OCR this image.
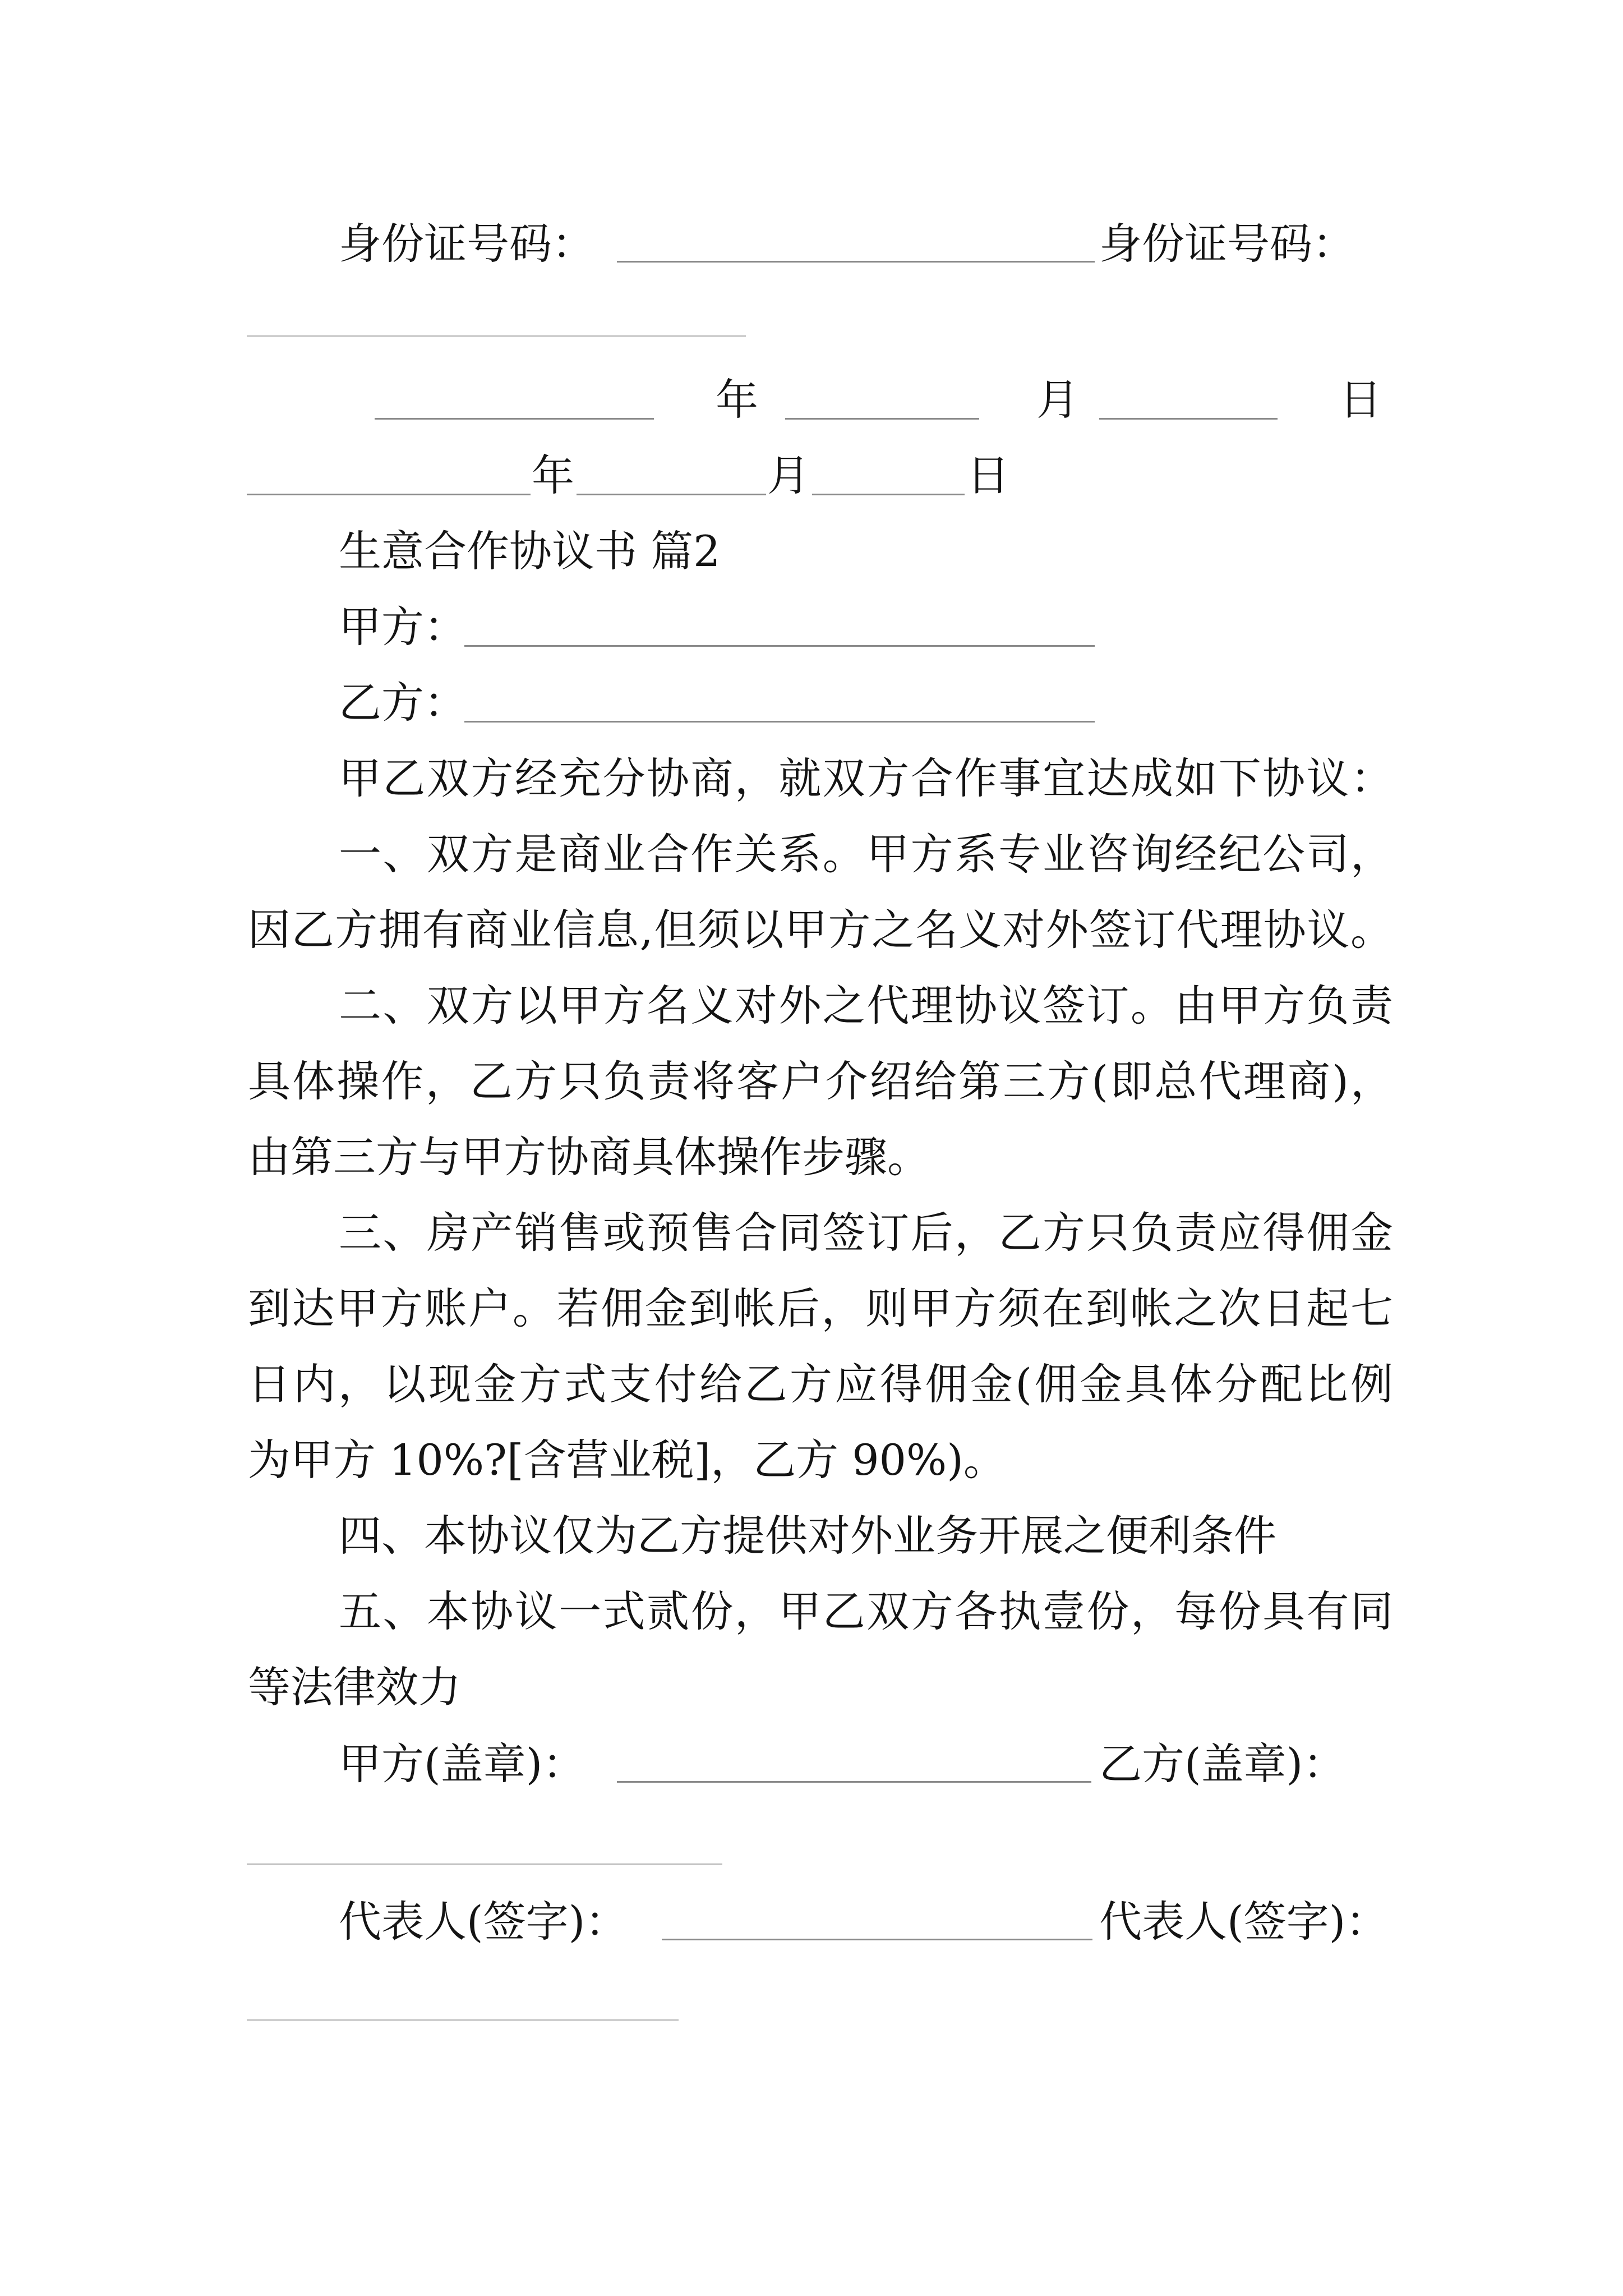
身份证号码：	身份证号码：
年	月	日
年	月	日
生意合作协议书 篇2
甲方：
乙方：
甲乙双方经充分协商，就双方合作事宜达成如下协议：
一、双方是商业合作关系。甲方系专业咨询经纪公司，
因乙方拥有商业信息,但须以甲方之名义对外签订代理协议。
二、双方以甲方名义对外之代理协议签订。由甲方负责
具体操作，乙方只负责将客户介绍给第三方(即总代理商)，
由第三方与甲方协商具体操作步骤。
三、房产销售或预售合同签订后，乙方只负责应得佣金
到达甲方账户。若佣金到帐后，则甲方须在到帐之次日起七
日内，以现金方式支付给乙方应得佣金(佣金具体分配比例
为甲方 10%?[含营业税]，乙方 90%)。
四、本协议仅为乙方提供对外业务开展之便利条件
五、本协议一式贰份，甲乙双方各执壹份，每份具有同
等法律效力
甲方(盖章)：	乙方(盖章)：
代表人(签字)：	代表人(签字)：
